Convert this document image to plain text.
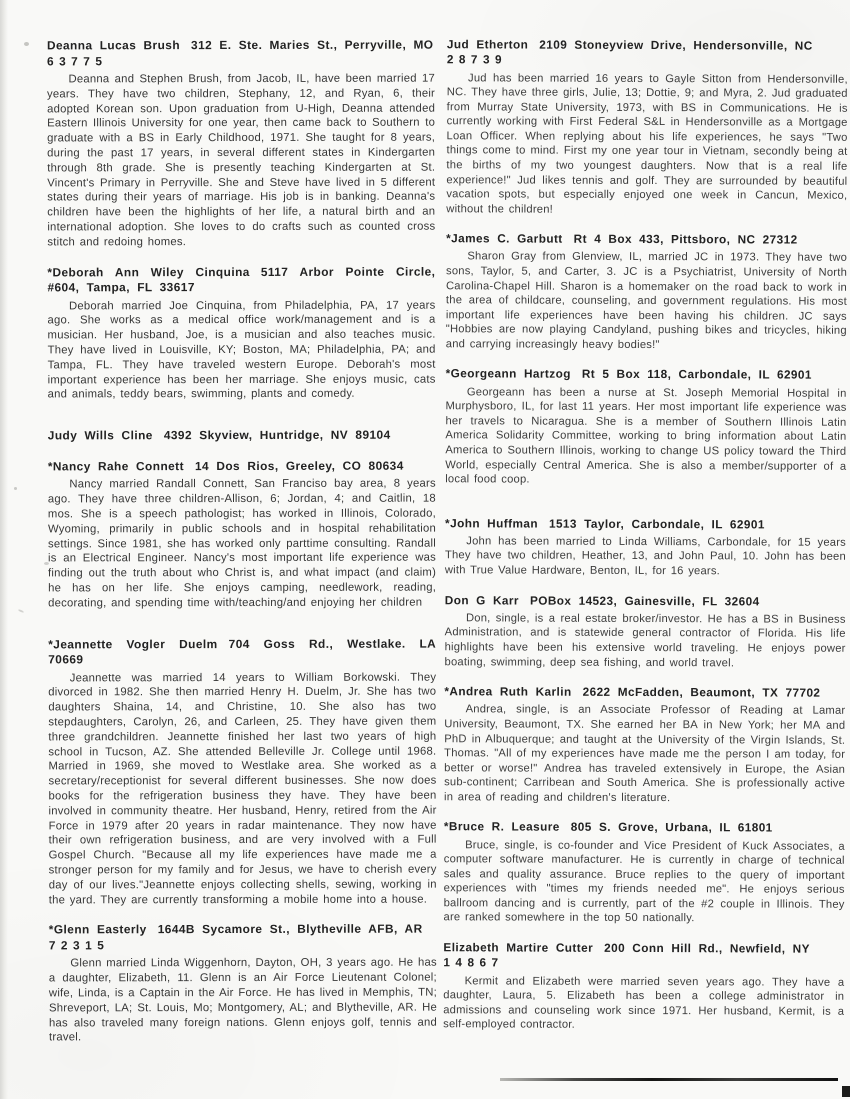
Deanna Lucas Brush 312 E. Ste. Maries St., Perryville, MO
63775

Deanna and Stephen Brush, from Jacob, IL, have been married 17 years. They have two children, Stephany, 12, and Ryan, 6, their adopted Korean son. Upon graduation from U-High, Deanna attended Eastern Illinois University for one year, then came back to Southern to graduate with a BS in Early Childhood, 1971. She taught for 8 years, during the past 17 years, in several different states in Kindergarten through 8th grade. She is presently teaching Kindergarten at St. Vincent's Primary in Perryville. She and Steve have lived in 5 different states during their years of marriage. His job is in banking. Deanna's children have been the highlights of her life, a natural birth and an international adoption. She loves to do crafts such as counted cross stitch and redoing homes.

*Deborah Ann Wiley Cinquina 5117 Arbor Pointe Circle, #604, Tampa, FL 33617

Deborah married Joe Cinquina, from Philadelphia, PA, 17 years ago. She works as a medical office work/management and is a musician. Her husband, Joe, is a musician and also teaches music. They have lived in Louisville, KY; Boston, MA; Philadelphia, PA; and Tampa, FL. They have traveled western Europe. Deborah's most important experience has been her marriage. She enjoys music, cats and animals, teddy bears, swimming, plants and comedy.

Judy Wills Cline 4392 Skyview, Huntridge, NV 89104
*Nancy Rahe Connett 14 Dos Rios, Greeley, CO 80634

Nancy married Randall Connett, San Franciso bay area, 8 years ago. They have three children-Allison, 6; Jordan, 4; and Caitlin, 18 mos. She is a speech pathologist; has worked in Illinois, Colorado, Wyoming, primarily in public schools and in hospital rehabilitation settings. Since 1981, she has worked only parttime consulting. Randall is an Electrical Engineer. Nancy's most important life experience was finding out the truth about who Christ is, and what impact (and claim) he has on her life. She enjoys camping, needlework, reading, decorating, and spending time with/teaching/and enjoying her children

*Jeannette Vogler Duelm 704 Goss Rd., Westlake. LA 70669

Jeannette was married 14 years to William Borkowski. They divorced in 1982. She then married Henry H. Duelm, Jr. She has two daughters Shaina, 14, and Christine, 10. She also has two stepdaughters, Carolyn, 26, and Carleen, 25. They have given them three grandchildren. Jeannette finished her last two years of high school in Tucson, AZ. She attended Belleville Jr. College until 1968. Married in 1969, she moved to Westlake area. She worked as a secretary/receptionist for several different businesses. She now does books for the refrigeration business they have. They have been involved in community theatre. Her husband, Henry, retired from the Air Force in 1979 after 20 years in radar maintenance. They now have their own refrigeration business, and are very involved with a Full Gospel Church. "Because all my life experiences have made me a stronger person for my family and for Jesus, we have to cherish every day of our lives."Jeannette enjoys collecting shells, sewing, working in the yard. They are currently transforming a mobile home into a house.

*Glenn Easterly 1644B Sycamore St., Blytheville AFB, AR
72315

Glenn married Linda Wiggenhorn, Dayton, OH, 3 years ago. He has a daughter, Elizabeth, 11. Glenn is an Air Force Lieutenant Colonel; wife, Linda, is a Captain in the Air Force. He has lived in Memphis, TN; Shreveport, LA; St. Louis, Mo; Montgomery, AL; and Blytheville, AR. He has also traveled many foreign nations. Glenn enjoys golf, tennis and travel.

Jud Etherton 2109 Stoneyview Drive, Hendersonville, NC
28739

Jud has been married 16 years to Gayle Sitton from Hendersonville, NC. They have three girls, Julie, 13; Dottie, 9; and Myra, 2. Jud graduated from Murray State University, 1973, with BS in Communications. He is currently working with First Federal S&L in Hendersonville as a Mortgage Loan Officer. When replying about his life experiences, he says "Two things come to mind. First my one year tour in Vietnam, secondly being at the births of my two youngest daughters. Now that is a real life experience!" Jud likes tennis and golf. They are surrounded by beautiful vacation spots, but especially enjoyed one week in Cancun, Mexico, without the children!

*James C. Garbutt Rt 4 Box 433, Pittsboro, NC 27312

Sharon Gray from Glenview, IL, married JC in 1973. They have two sons, Taylor, 5, and Carter, 3. JC is a Psychiatrist, University of North Carolina-Chapel Hill. Sharon is a homemaker on the road back to work in the area of childcare, counseling, and government regulations. His most important life experiences have been having his children. JC says "Hobbies are now playing Candyland, pushing bikes and tricycles, hiking and carrying increasingly heavy bodies!"

*Georgeann Hartzog Rt 5 Box 118, Carbondale, IL 62901

Georgeann has been a nurse at St. Joseph Memorial Hospital in Murphysboro, IL, for last 11 years. Her most important life experience was her travels to Nicaragua. She is a member of Southern Illinois Latin America Solidarity Committee, working to bring information about Latin America to Southern Illinois, working to change US policy toward the Third World, especially Central America. She is also a member/supporter of a local food coop.

*John Huffman 1513 Taylor, Carbondale, IL 62901

John has been married to Linda Williams, Carbondale, for 15 years They have two children, Heather, 13, and John Paul, 10. John has been with True Value Hardware, Benton, IL, for 16 years.

Don G Karr POBox 14523, Gainesville, FL 32604

Don, single, is a real estate broker/investor. He has a BS in Business Administration, and is statewide general contractor of Florida. His life highlights have been his extensive world traveling. He enjoys power boating, swimming, deep sea fishing, and world travel.

*Andrea Ruth Karlin 2622 McFadden, Beaumont, TX 77702

Andrea, single, is an Associate Professor of Reading at Lamar University, Beaumont, TX. She earned her BA in New York; her MA and PhD in Albuquerque; and taught at the University of the Virgin Islands, St. Thomas. "All of my experiences have made me the person I am today, for better or worse!" Andrea has traveled extensively in Europe, the Asian sub-continent; Carribean and South America. She is professionally active in area of reading and children's literature.

*Bruce R. Leasure 805 S. Grove, Urbana, IL 61801

Bruce, single, is co-founder and Vice President of Kuck Associates, a computer software manufacturer. He is currently in charge of technical sales and quality assurance. Bruce replies to the query of important experiences with "times my friends needed me". He enjoys serious ballroom dancing and is currently, part of the #2 couple in Illinois. They are ranked somewhere in the top 50 nationally.

Elizabeth Martire Cutter 200 Conn Hill Rd., Newfield, NY
14867

Kermit and Elizabeth were married seven years ago. They have a daughter, Laura, 5. Elizabeth has been a college administrator in admissions and counseling work since 1971. Her husband, Kermit, is a self-employed contractor.
